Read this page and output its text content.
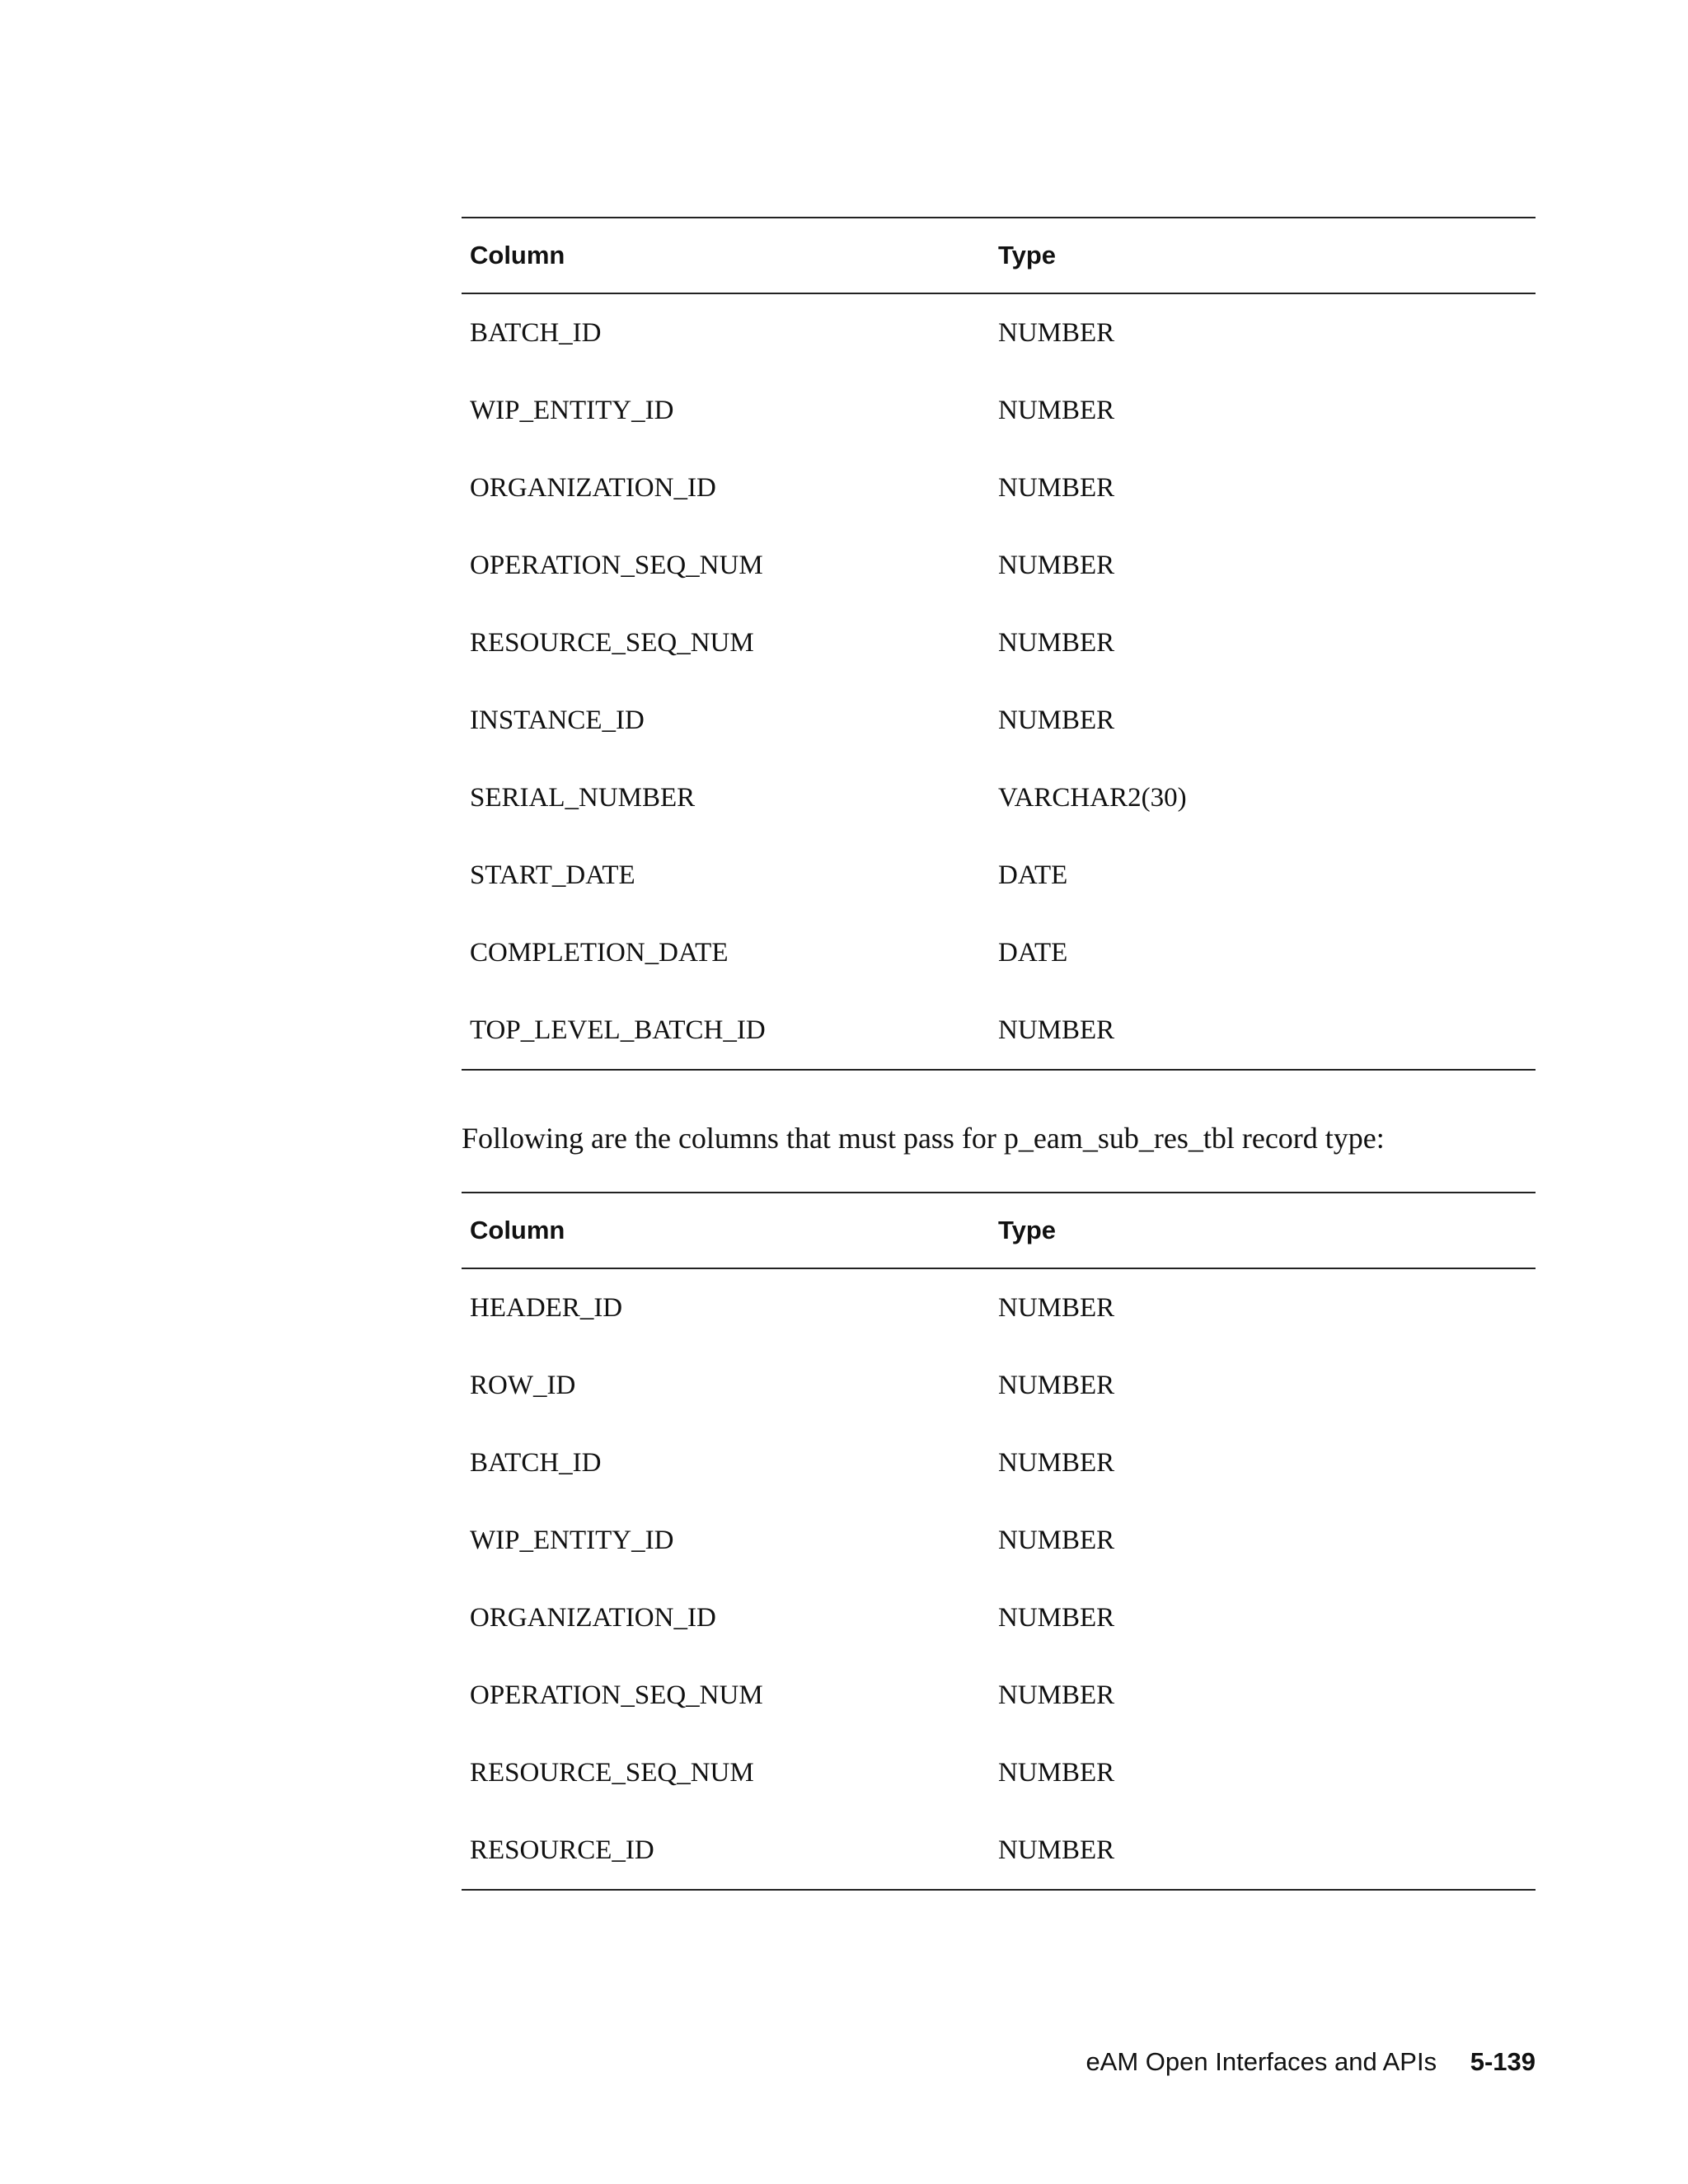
Column	Type
BATCH_ID	NUMBER
WIP_ENTITY_ID	NUMBER
ORGANIZATION_ID	NUMBER
OPERATION_SEQ_NUM	NUMBER
RESOURCE_SEQ_NUM	NUMBER
INSTANCE_ID	NUMBER
SERIAL_NUMBER	VARCHAR2(30)
START_DATE	DATE
COMPLETION_DATE	DATE
TOP_LEVEL_BATCH_ID	NUMBER

Following are the columns that must pass for p_eam_sub_res_tbl record type:

Column	Type
HEADER_ID	NUMBER
ROW_ID	NUMBER
BATCH_ID	NUMBER
WIP_ENTITY_ID	NUMBER
ORGANIZATION_ID	NUMBER
OPERATION_SEQ_NUM	NUMBER
RESOURCE_SEQ_NUM	NUMBER
RESOURCE_ID	NUMBER
eAM Open Interfaces and APIs 5-139
